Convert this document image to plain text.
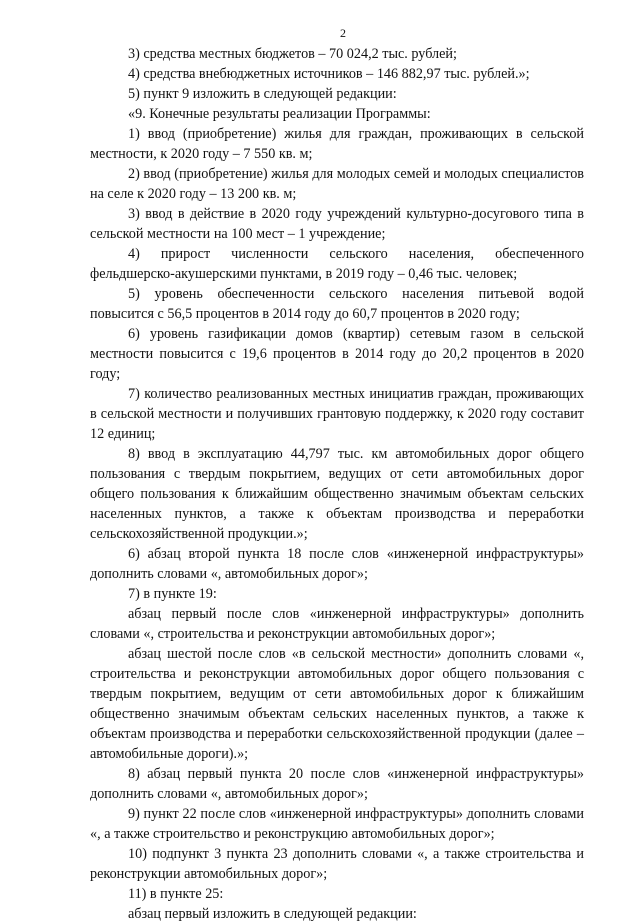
2

3) средства местных бюджетов – 70 024,2 тыс. рублей;

4) средства внебюджетных источников – 146 882,97 тыс. рублей.»;

5) пункт 9 изложить в следующей редакции:

«9. Конечные результаты реализации Программы:

1) ввод (приобретение) жилья для граждан, проживающих в сельской местности, к 2020 году – 7 550 кв. м;

2) ввод (приобретение) жилья для молодых семей и молодых специалистов на селе к 2020 году – 13 200 кв. м;

3) ввод в действие в 2020 году учреждений культурно-досугового типа в сельской местности на 100 мест – 1 учреждение;

4) прирост численности сельского населения, обеспеченного фельдшерско-акушерскими пунктами, в 2019 году – 0,46 тыс. человек;

5) уровень обеспеченности сельского населения питьевой водой повысится с 56,5 процентов в 2014 году до 60,7 процентов в 2020 году;

6) уровень газификации домов (квартир) сетевым газом в сельской местности повысится с 19,6 процентов в 2014 году до 20,2 процентов в 2020 году;

7) количество реализованных местных инициатив граждан, проживающих в сельской местности и получивших грантовую поддержку, к 2020 году составит 12 единиц;

8) ввод в эксплуатацию 44,797 тыс. км автомобильных дорог общего пользования с твердым покрытием, ведущих от сети автомобильных дорог общего пользования к ближайшим общественно значимым объектам сельских населенных пунктов, а также к объектам производства и переработки сельскохозяйственной продукции.»;

6) абзац второй пункта 18 после слов «инженерной инфраструктуры» дополнить словами «, автомобильных дорог»;

7) в пункте 19:

абзац первый после слов «инженерной инфраструктуры» дополнить словами «, строительства и реконструкции автомобильных дорог»;

абзац шестой после слов «в сельской местности» дополнить словами «, строительства и реконструкции автомобильных дорог общего пользования с твердым покрытием, ведущим от сети автомобильных дорог к ближайшим общественно значимым объектам сельских населенных пунктов, а также к объектам производства и переработки сельскохозяйственной продукции (далее – автомобильные дороги).»;

8) абзац первый пункта 20 после слов «инженерной инфраструктуры» дополнить словами «, автомобильных дорог»;

9) пункт 22 после слов «инженерной инфраструктуры» дополнить словами «, а также строительство и реконструкцию автомобильных дорог»;

10) подпункт 3 пункта 23 дополнить словами «, а также строительства и реконструкции автомобильных дорог»;

11) в пункте 25:

абзац первый изложить в следующей редакции:
